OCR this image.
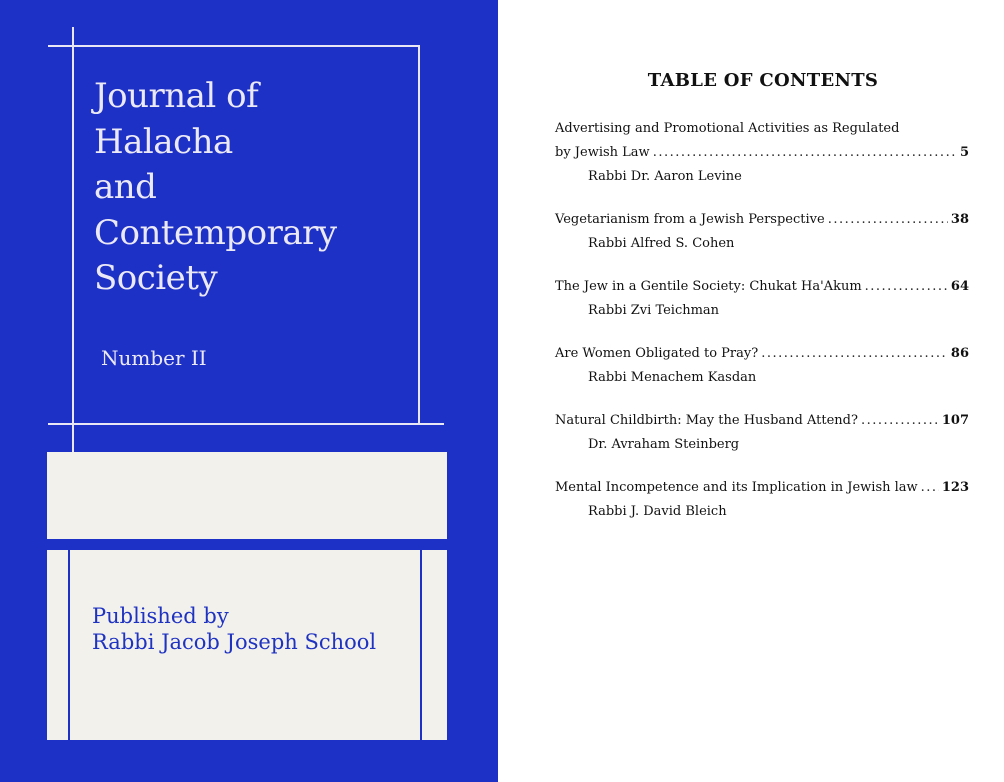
Journal of
Halacha
and
Contemporary
Society
Number II
Published by
Rabbi Jacob Joseph School
TABLE OF CONTENTS
Advertising and Promotional Activities as Regulated
by Jewish Law .....	5
Rabbi Dr. Aaron Levine
Vegetarianism from a Jewish Perspective .....	38
Rabbi Alfred S. Cohen
The Jew in a Gentile Society: Chukat Ha'Akum .....	64
Rabbi Zvi Teichman
Are Women Obligated to Pray? .....	86
Rabbi Menachem Kasdan
Natural Childbirth: May the Husband Attend? .....	107
Dr. Avraham Steinberg
Mental Incompetence and its Implication in Jewish law ..... 123
Rabbi J. David Bleich
